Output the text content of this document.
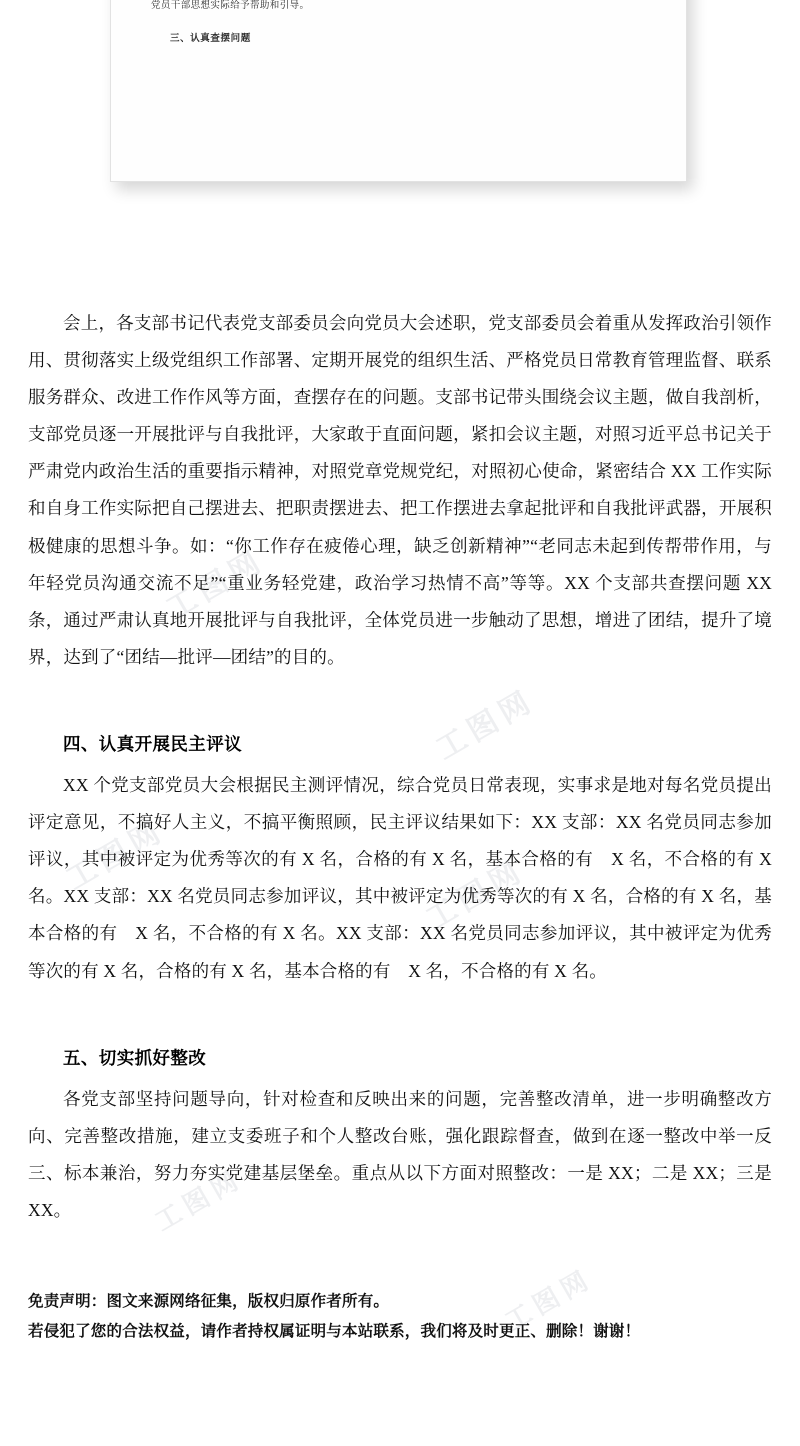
工图网
工图网
工图网	工图网
工图网
工图网
党员干部思想实际给予帮助和引导。
三、认真查摆问题

会上，各支部书记代表党支部委员会向党员大会述职，党支部委员会着重从发挥政治引领作用、贯彻落实上级党组织工作部署、定期开展党的组织生活、严格党员日常教育管理监督、联系服务群众、改进工作作风等方面，查摆存在的问题。支部书记带头围绕会议主题，做自我剖析，支部党员逐一开展批评与自我批评，大家敢于直面问题，紧扣会议主题，对照习近平总书记关于严肃党内政治生活的重要指示精神，对照党章党规党纪，对照初心使命，紧密结合 XX 工作实际和自身工作实际把自己摆进去、把职责摆进去、把工作摆进去拿起批评和自我批评武器，开展积极健康的思想斗争。如：“你工作存在疲倦心理，缺乏创新精神”“老同志未起到传帮带作用，与年轻党员沟通交流不足”“重业务轻党建，政治学习热情不高”等等。XX 个支部共查摆问题 XX 条，通过严肃认真地开展批评与自我批评，全体党员进一步触动了思想，增进了团结，提升了境界，达到了“团结—批评—团结”的目的。

四、认真开展民主评议

XX 个党支部党员大会根据民主测评情况，综合党员日常表现，实事求是地对每名党员提出评定意见，不搞好人主义，不搞平衡照顾，民主评议结果如下：XX 支部：XX 名党员同志参加评议，其中被评定为优秀等次的有 X 名，合格的有 X 名，基本合格的有　X 名，不合格的有 X 名。XX 支部：XX 名党员同志参加评议，其中被评定为优秀等次的有 X 名，合格的有 X 名，基本合格的有　X 名，不合格的有 X 名。XX 支部：XX 名党员同志参加评议，其中被评定为优秀等次的有 X 名，合格的有 X 名，基本合格的有　X 名，不合格的有 X 名。

五、切实抓好整改

各党支部坚持问题导向，针对检查和反映出来的问题，完善整改清单，进一步明确整改方向、完善整改措施，建立支委班子和个人整改台账，强化跟踪督查，做到在逐一整改中举一反三、标本兼治，努力夯实党建基层堡垒。重点从以下方面对照整改：一是 XX；二是 XX；三是 XX。

免责声明：图文来源网络征集，版权归原作者所有。
若侵犯了您的合法权益，请作者持权属证明与本站联系，我们将及时更正、删除！谢谢！
